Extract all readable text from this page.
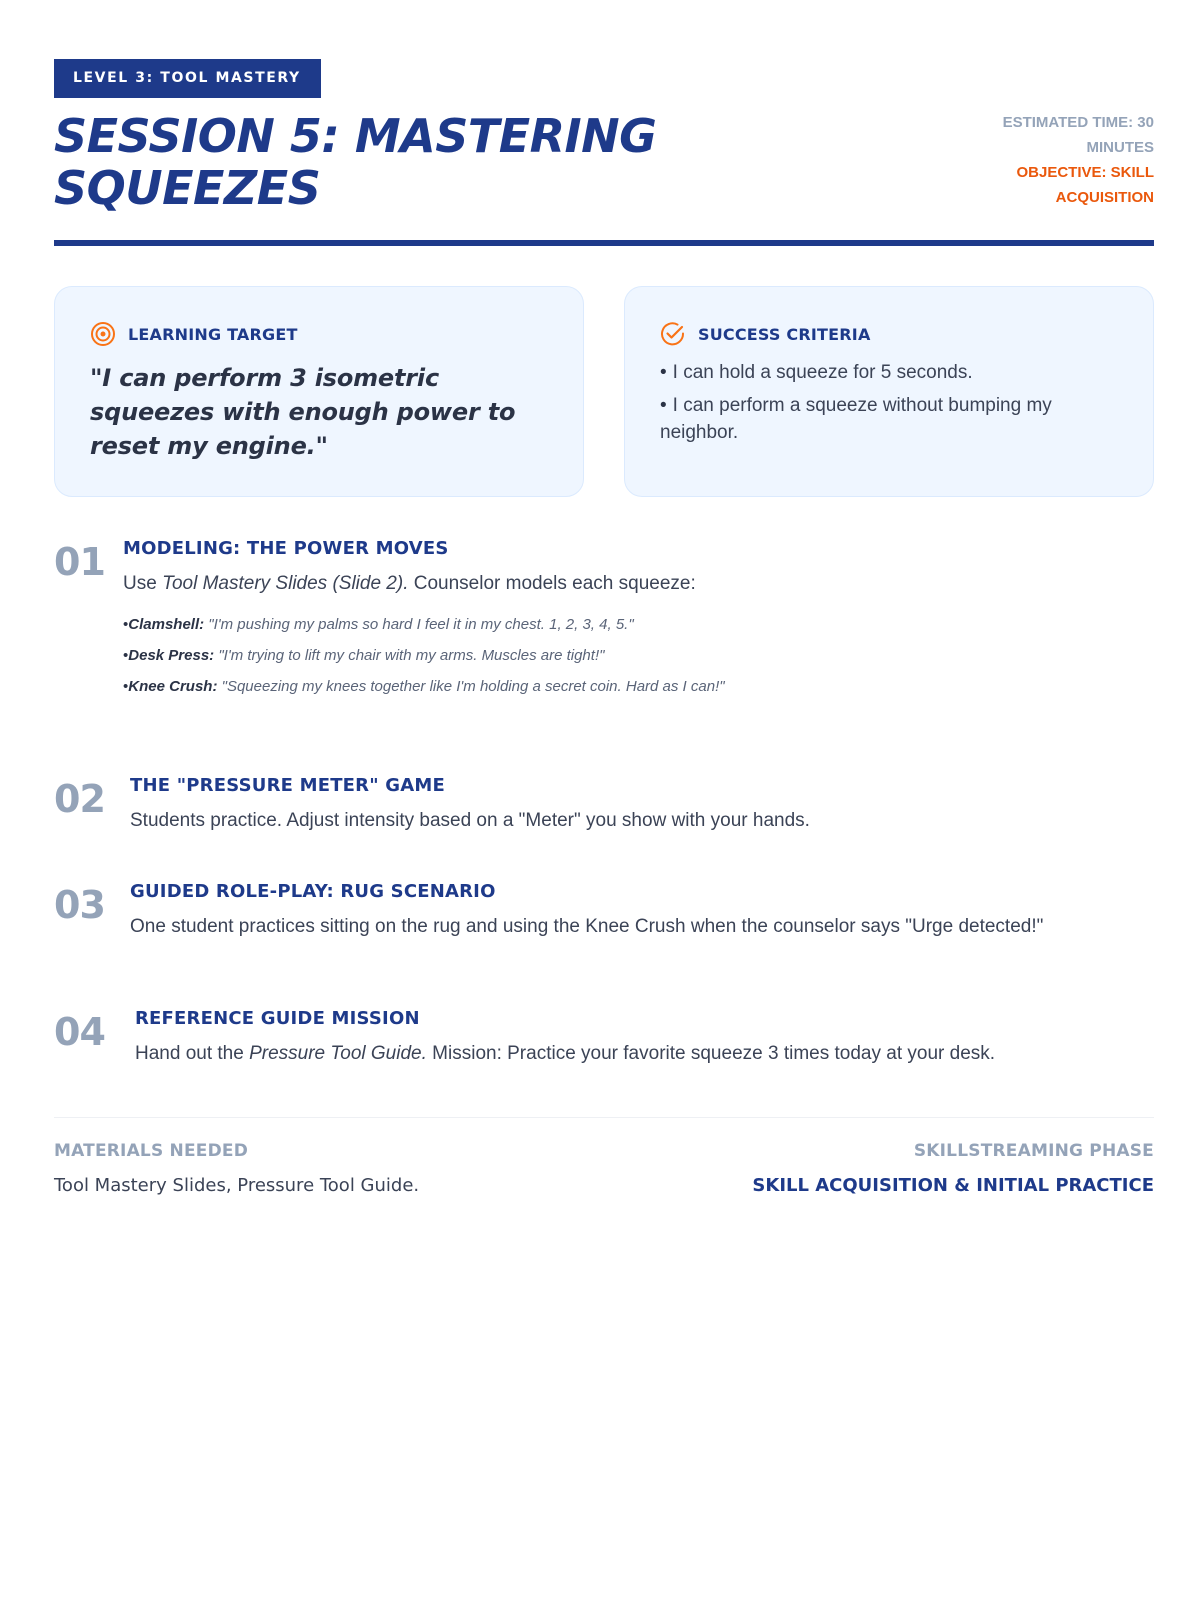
LEVEL 3: TOOL MASTERY
SESSION 5: MASTERING SQUEEZES
ESTIMATED TIME: 30 MINUTES
OBJECTIVE: SKILL ACQUISITION
LEARNING TARGET

"I can perform 3 isometric squeezes with enough power to reset my engine."

SUCCESS CRITERIA
• I can hold a squeeze for 5 seconds.
• I can perform a squeeze without bumping my neighbor.
01 MODELING: THE POWER MOVES

Use Tool Mastery Slides (Slide 2). Counselor models each squeeze:

• Clamshell: "I'm pushing my palms so hard I feel it in my chest. 1, 2, 3, 4, 5."
• Desk Press: "I'm trying to lift my chair with my arms. Muscles are tight!"
• Knee Crush: "Squeezing my knees together like I'm holding a secret coin. Hard as I can!"
02 THE "PRESSURE METER" GAME

Students practice. Adjust intensity based on a "Meter" you show with your hands.

03 GUIDED ROLE-PLAY: RUG SCENARIO

One student practices sitting on the rug and using the Knee Crush when the counselor says "Urge detected!"

04 REFERENCE GUIDE MISSION

Hand out the Pressure Tool Guide. Mission: Practice your favorite squeeze 3 times today at your desk.

MATERIALS NEEDED
Tool Mastery Slides, Pressure Tool Guide.
SKILLSTREAMING PHASE
SKILL ACQUISITION & INITIAL PRACTICE
